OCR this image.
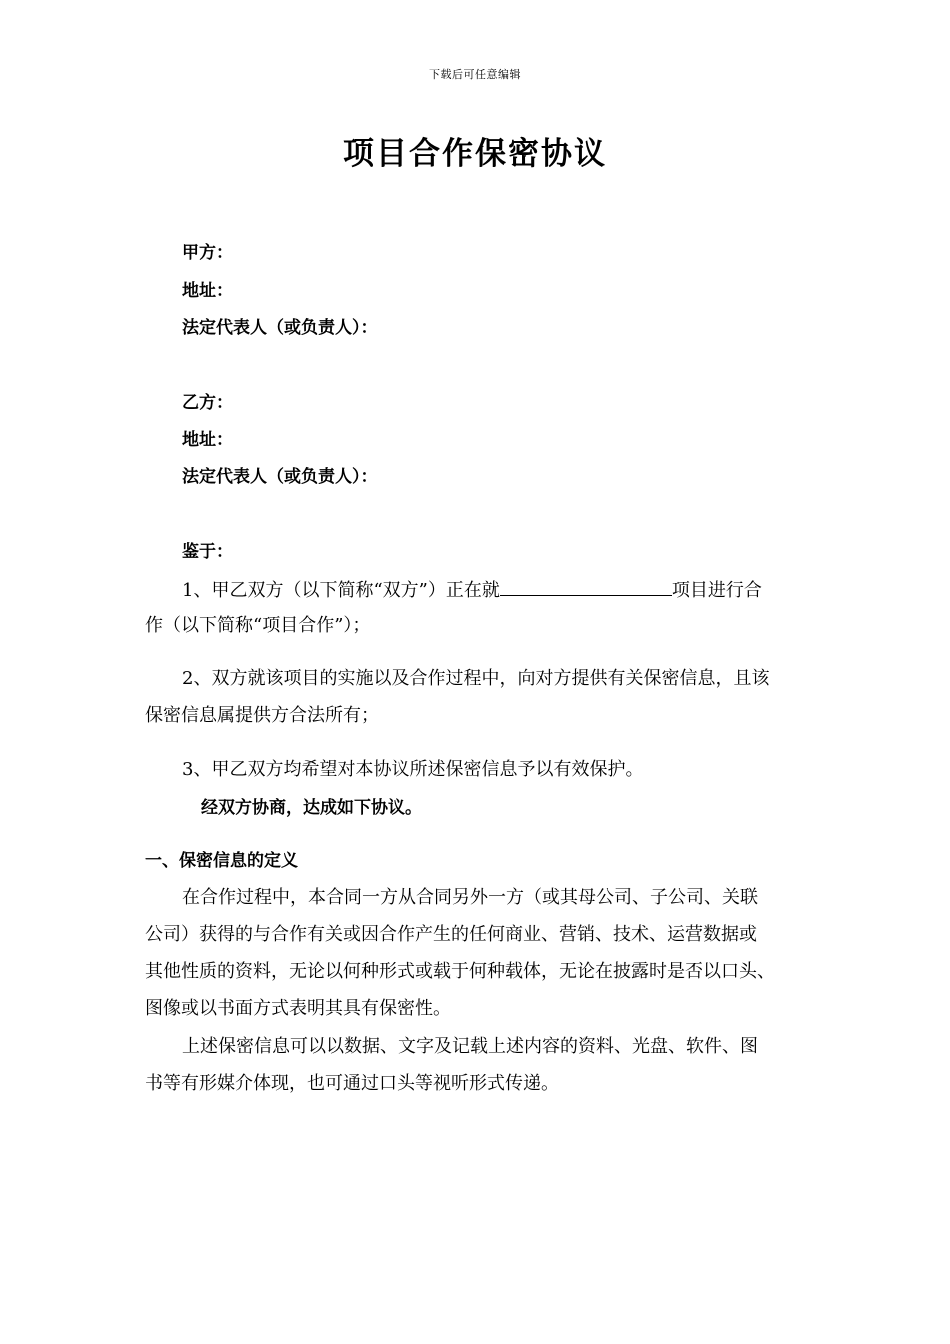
下载后可任意编辑
项目合作保密协议
甲方：
地址：
法定代表人（或负责人）：
乙方：
地址：
法定代表人（或负责人）：
鉴于：
1、甲乙双方（以下简称“双方”）正在就	项目进行合
作（以下简称“项目合作”）；
2、双方就该项目的实施以及合作过程中，向对方提供有关保密信息，且该
保密信息属提供方合法所有；
3、甲乙双方均希望对本协议所述保密信息予以有效保护。
经双方协商，达成如下协议。
一、保密信息的定义
在合作过程中，本合同一方从合同另外一方（或其母公司、子公司、关联
公司）获得的与合作有关或因合作产生的任何商业、营销、技术、运营数据或
其他性质的资料，无论以何种形式或载于何种载体，无论在披露时是否以口头、
图像或以书面方式表明其具有保密性。
上述保密信息可以以数据、文字及记载上述内容的资料、光盘、软件、图
书等有形媒介体现，也可通过口头等视听形式传递。
